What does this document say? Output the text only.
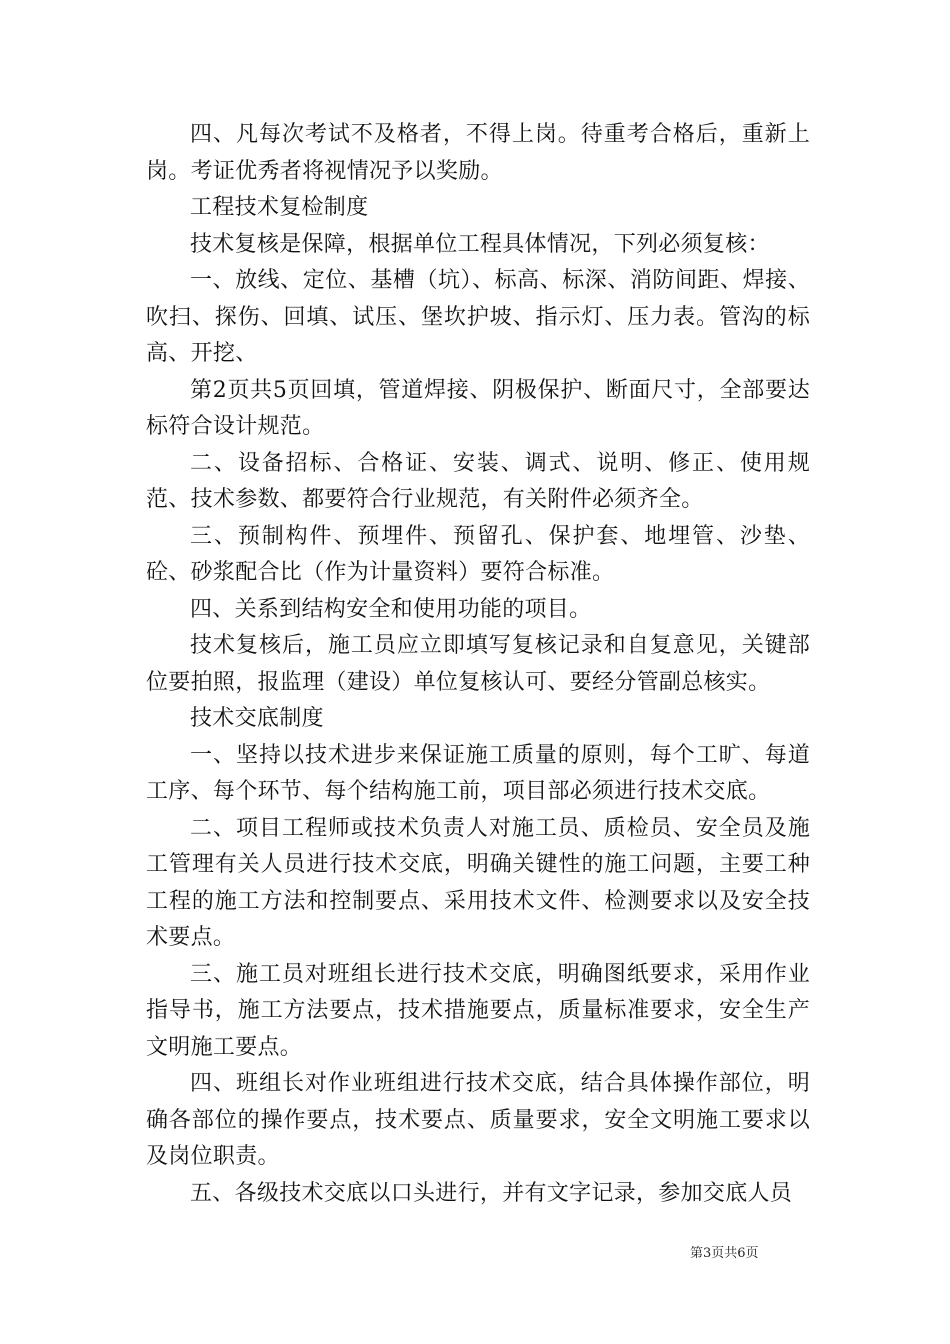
四、凡每次考试不及格者，不得上岗。待重考合格后，重新上岗。考证优秀者将视情况予以奖励。

工程技术复检制度

技术复核是保障，根据单位工程具体情况，下列必须复核：

一、放线、定位、基槽（坑）、标高、标深、消防间距、焊接、吹扫、探伤、回填、试压、堡坎护坡、指示灯、压力表。管沟的标高、开挖、

第2页共5页回填，管道焊接、阴极保护、断面尺寸，全部要达标符合设计规范。

二、设备招标、合格证、安装、调式、说明、修正、使用规范、技术参数、都要符合行业规范，有关附件必须齐全。

三、预制构件、预埋件、预留孔、保护套、地埋管、沙垫、砼、砂浆配合比（作为计量资料）要符合标准。

四、关系到结构安全和使用功能的项目。

技术复核后，施工员应立即填写复核记录和自复意见，关键部位要拍照，报监理（建设）单位复核认可、要经分管副总核实。

技术交底制度

一、坚持以技术进步来保证施工质量的原则，每个工旷、每道工序、每个环节、每个结构施工前，项目部必须进行技术交底。

二、项目工程师或技术负责人对施工员、质检员、安全员及施工管理有关人员进行技术交底，明确关键性的施工问题，主要工种工程的施工方法和控制要点、采用技术文件、检测要求以及安全技术要点。

三、施工员对班组长进行技术交底，明确图纸要求，采用作业指导书，施工方法要点，技术措施要点，质量标准要求，安全生产文明施工要点。

四、班组长对作业班组进行技术交底，结合具体操作部位，明确各部位的操作要点，技术要点、质量要求，安全文明施工要求以及岗位职责。

五、各级技术交底以口头进行，并有文字记录，参加交底人员

第3页共6页
